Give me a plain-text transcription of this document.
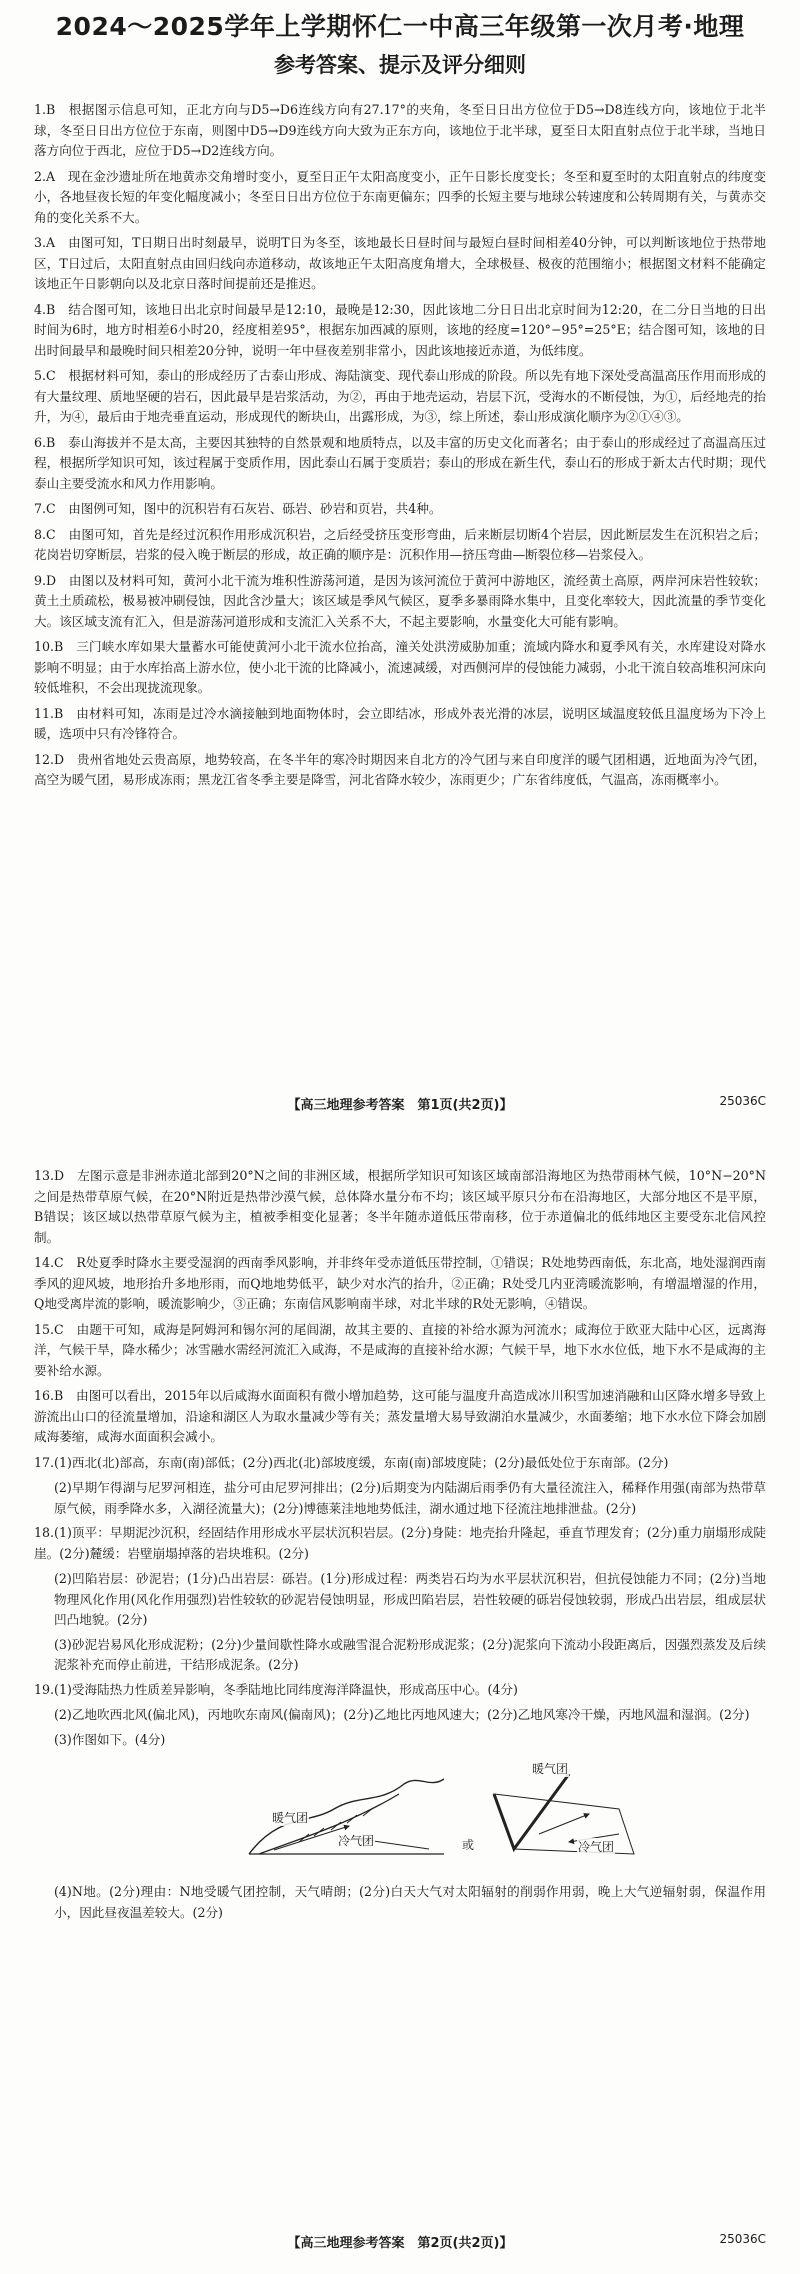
2024～2025学年上学期怀仁一中高三年级第一次月考·地理
参考答案、提示及评分细则

1.B　根据图示信息可知，正北方向与D5→D6连线方向有27.17°的夹角，冬至日日出方位位于D5→D8连线方向，该地位于北半球，冬至日日出方位位于东南，则图中D5→D9连线方向大致为正东方向，该地位于北半球，夏至日太阳直射点位于北半球，当地日落方向位于西北，应位于D5→D2连线方向。

2.A　现在金沙遗址所在地黄赤交角增时变小，夏至日正午太阳高度变小，正午日影长度变长；冬至和夏至时的太阳直射点的纬度变小，各地昼夜长短的年变化幅度减小；冬至日日出方位位于东南更偏东；四季的长短主要与地球公转速度和公转周期有关，与黄赤交角的变化关系不大。

3.A　由图可知，T日期日出时刻最早，说明T日为冬至，该地最长日昼时间与最短白昼时间相差40分钟，可以判断该地位于热带地区，T日过后，太阳直射点由回归线向赤道移动，故该地正午太阳高度角增大，全球极昼、极夜的范围缩小；根据图文材料不能确定该地正午日影朝向以及北京日落时间提前还是推迟。

4.B　结合图可知，该地日出北京时间最早是12:10，最晚是12:30，因此该地二分日日出北京时间为12:20，在二分日当地的日出时间为6时，地方时相差6小时20，经度相差95°，根据东加西减的原则，该地的经度=120°−95°=25°E；结合图可知，该地的日出时间最早和最晚时间只相差20分钟，说明一年中昼夜差别非常小，因此该地接近赤道，为低纬度。

5.C　根据材料可知，泰山的形成经历了古泰山形成、海陆演变、现代泰山形成的阶段。所以先有地下深处受高温高压作用而形成的有大量纹理、质地坚硬的岩石，因此最早是岩浆活动，为②，再由于地壳运动，岩层下沉，受海水的不断侵蚀，为①，后经地壳的抬升，为④，最后由于地壳垂直运动，形成现代的断块山，出露形成，为③，综上所述，泰山形成演化顺序为②①④③。

6.B　泰山海拔并不是太高，主要因其独特的自然景观和地质特点，以及丰富的历史文化而著名；由于泰山的形成经过了高温高压过程，根据所学知识可知，该过程属于变质作用，因此泰山石属于变质岩；泰山的形成在新生代，泰山石的形成于新太古代时期；现代泰山主要受流水和风力作用影响。

7.C　由图例可知，图中的沉积岩有石灰岩、砾岩、砂岩和页岩，共4种。

8.C　由图可知，首先是经过沉积作用形成沉积岩，之后经受挤压变形弯曲，后来断层切断4个岩层，因此断层发生在沉积岩之后；花岗岩切穿断层，岩浆的侵入晚于断层的形成，故正确的顺序是：沉积作用—挤压弯曲—断裂位移—岩浆侵入。

9.D　由图以及材料可知，黄河小北干流为堆积性游荡河道，是因为该河流位于黄河中游地区，流经黄土高原，两岸河床岩性较软；黄土土质疏松，极易被冲刷侵蚀，因此含沙量大；该区域是季风气候区，夏季多暴雨降水集中，且变化率较大，因此流量的季节变化大。该区域支流有汇入，但是游荡河道形成和支流汇入关系不大，不起主要影响，水量变化大可能有影响。

10.B　三门峡水库如果大量蓄水可能使黄河小北干流水位抬高，潼关处洪涝威胁加重；流域内降水和夏季风有关，水库建设对降水影响不明显；由于水库抬高上游水位，使小北干流的比降减小，流速减缓，对西侧河岸的侵蚀能力减弱，小北干流自较高堆积河床向较低堆积，不会出现拢流现象。

11.B　由材料可知，冻雨是过冷水滴接触到地面物体时，会立即结冰，形成外表光滑的冰层，说明区域温度较低且温度场为下冷上暖，选项中只有冷锋符合。

12.D　贵州省地处云贵高原，地势较高，在冬半年的寒冷时期因来自北方的冷气团与来自印度洋的暖气团相遇，近地面为冷气团，高空为暖气团，易形成冻雨；黑龙江省冬季主要是降雪，河北省降水较少，冻雨更少；广东省纬度低，气温高，冻雨概率小。

【高三地理参考答案　第1页(共2页)】	25036C

13.D　左图示意是非洲赤道北部到20°N之间的非洲区域，根据所学知识可知该区域南部沿海地区为热带雨林气候，10°N−20°N之间是热带草原气候，在20°N附近是热带沙漠气候，总体降水量分布不均；该区域平原只分布在沿海地区，大部分地区不是平原，B错误；该区域以热带草原气候为主，植被季相变化显著；冬半年随赤道低压带南移，位于赤道偏北的低纬地区主要受东北信风控制。

14.C　R处夏季时降水主要受湿润的西南季风影响，并非终年受赤道低压带控制，①错误；R处地势西南低，东北高，地处湿润西南季风的迎风坡，地形抬升多地形雨，而Q地地势低平，缺少对水汽的抬升，②正确；R处受几内亚湾暖流影响，有增温增湿的作用，Q地受离岸流的影响，暖流影响少，③正确；东南信风影响南半球，对北半球的R处无影响，④错误。

15.C　由题干可知，咸海是阿姆河和锡尔河的尾闾湖，故其主要的、直接的补给水源为河流水；咸海位于欧亚大陆中心区，远离海洋，气候干旱，降水稀少；冰雪融水需经河流汇入咸海，不是咸海的直接补给水源；气候干旱，地下水水位低，地下水不是咸海的主要补给水源。

16.B　由图可以看出，2015年以后咸海水面面积有微小增加趋势，这可能与温度升高造成冰川积雪加速消融和山区降水增多导致上游流出山口的径流量增加，沿途和湖区人为取水量减少等有关；蒸发量增大易导致湖泊水量减少，水面萎缩；地下水水位下降会加剧咸海萎缩，咸海水面面积会减小。

17.(1)西北(北)部高，东南(南)部低；(2分)西北(北)部坡度缓，东南(南)部坡度陡；(2分)最低处位于东南部。(2分)

(2)早期乍得湖与尼罗河相连，盐分可由尼罗河排出；(2分)后期变为内陆湖后雨季仍有大量径流注入，稀释作用强(南部为热带草原气候，雨季降水多，入湖径流量大)；(2分)博德莱洼地地势低洼，湖水通过地下径流注地排泄盐。(2分)

18.(1)顶平：早期泥沙沉积，经固结作用形成水平层状沉积岩层。(2分)身陡：地壳抬升隆起，垂直节理发育；(2分)重力崩塌形成陡崖。(2分)麓缓：岩壁崩塌掉落的岩块堆积。(2分)

(2)凹陷岩层：砂泥岩；(1分)凸出岩层：砾岩。(1分)形成过程：两类岩石均为水平层状沉积岩，但抗侵蚀能力不同；(2分)当地物理风化作用(风化作用强烈)岩性较软的砂泥岩侵蚀明显，形成凹陷岩层，岩性较硬的砾岩侵蚀较弱，形成凸出岩层，组成层状凹凸地貌。(2分)

(3)砂泥岩易风化形成泥粉；(2分)少量间歇性降水或融雪混合泥粉形成泥浆；(2分)泥浆向下流动小段距离后，因强烈蒸发及后续泥浆补充而停止前进，干结形成泥条。(2分)

19.(1)受海陆热力性质差异影响，冬季陆地比同纬度海洋降温快，形成高压中心。(4分)

(2)乙地吹西北风(偏北风)，丙地吹东南风(偏南风)；(2分)乙地比丙地风速大；(2分)乙地风寒冷干燥，丙地风温和湿润。(2分)

(3)作图如下。(4分)

暖气团
冷气团	或
暖气团
冷气团

(4)N地。(2分)理由：N地受暖气团控制，天气晴朗；(2分)白天大气对太阳辐射的削弱作用弱，晚上大气逆辐射弱，保温作用小，因此昼夜温差较大。(2分)

【高三地理参考答案　第2页(共2页)】	25036C
